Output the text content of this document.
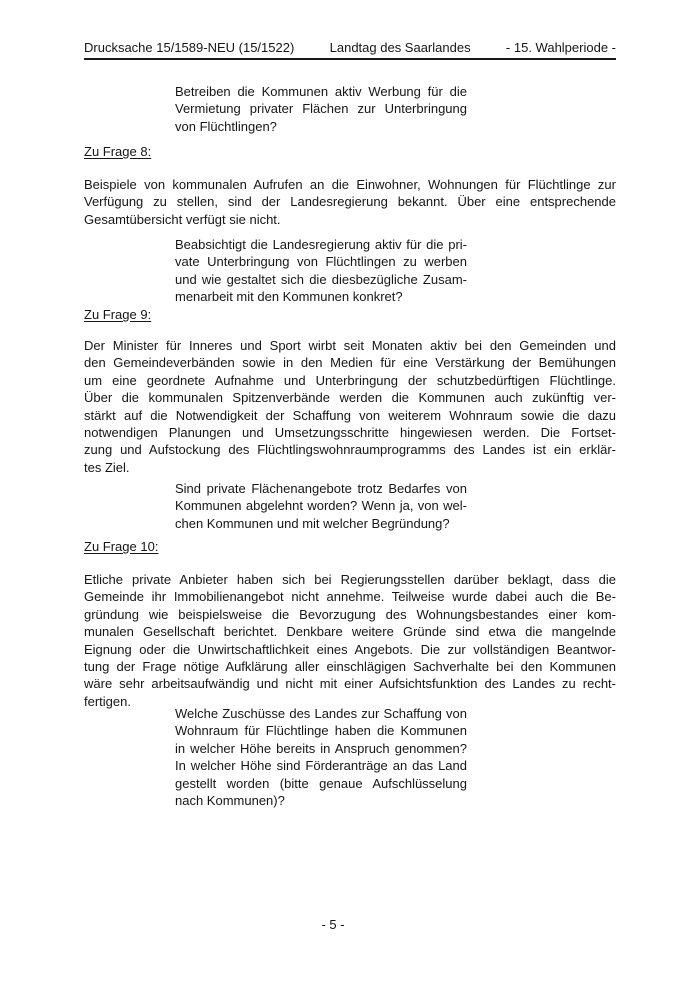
Drucksache 15/1589-NEU (15/1522)	Landtag des Saarlandes	- 15. Wahlperiode -
Betreiben die Kommunen aktiv Werbung für die
Vermietung privater Flächen zur Unterbringung
von Flüchtlingen?
Zu Frage 8:
Beispiele von kommunalen Aufrufen an die Einwohner, Wohnungen für Flüchtlinge zur
Verfügung zu stellen, sind der Landesregierung bekannt. Über eine entsprechende
Gesamtübersicht verfügt sie nicht.
Beabsichtigt die Landesregierung aktiv für die pri-
vate Unterbringung von Flüchtlingen zu werben
und wie gestaltet sich die diesbezügliche Zusam-
menarbeit mit den Kommunen konkret?
Zu Frage 9:
Der Minister für Inneres und Sport wirbt seit Monaten aktiv bei den Gemeinden und
den Gemeindeverbänden sowie in den Medien für eine Verstärkung der Bemühungen
um eine geordnete Aufnahme und Unterbringung der schutzbedürftigen Flüchtlinge.
Über die kommunalen Spitzenverbände werden die Kommunen auch zukünftig ver-
stärkt auf die Notwendigkeit der Schaffung von weiterem Wohnraum sowie die dazu
notwendigen Planungen und Umsetzungsschritte hingewiesen werden. Die Fortset-
zung und Aufstockung des Flüchtlingswohnraumprogramms des Landes ist ein erklär-
tes Ziel.
Sind private Flächenangebote trotz Bedarfes von
Kommunen abgelehnt worden? Wenn ja, von wel-
chen Kommunen und mit welcher Begründung?
Zu Frage 10:
Etliche private Anbieter haben sich bei Regierungsstellen darüber beklagt, dass die
Gemeinde ihr Immobilienangebot nicht annehme. Teilweise wurde dabei auch die Be-
gründung wie beispielsweise die Bevorzugung des Wohnungsbestandes einer kom-
munalen Gesellschaft berichtet. Denkbare weitere Gründe sind etwa die mangelnde
Eignung oder die Unwirtschaftlichkeit eines Angebots. Die zur vollständigen Beantwor-
tung der Frage nötige Aufklärung aller einschlägigen Sachverhalte bei den Kommunen
wäre sehr arbeitsaufwändig und nicht mit einer Aufsichtsfunktion des Landes zu recht-
fertigen.
Welche Zuschüsse des Landes zur Schaffung von
Wohnraum für Flüchtlinge haben die Kommunen
in welcher Höhe bereits in Anspruch genommen?
In welcher Höhe sind Förderanträge an das Land
gestellt worden (bitte genaue Aufschlüsselung
nach Kommunen)?
- 5 -
